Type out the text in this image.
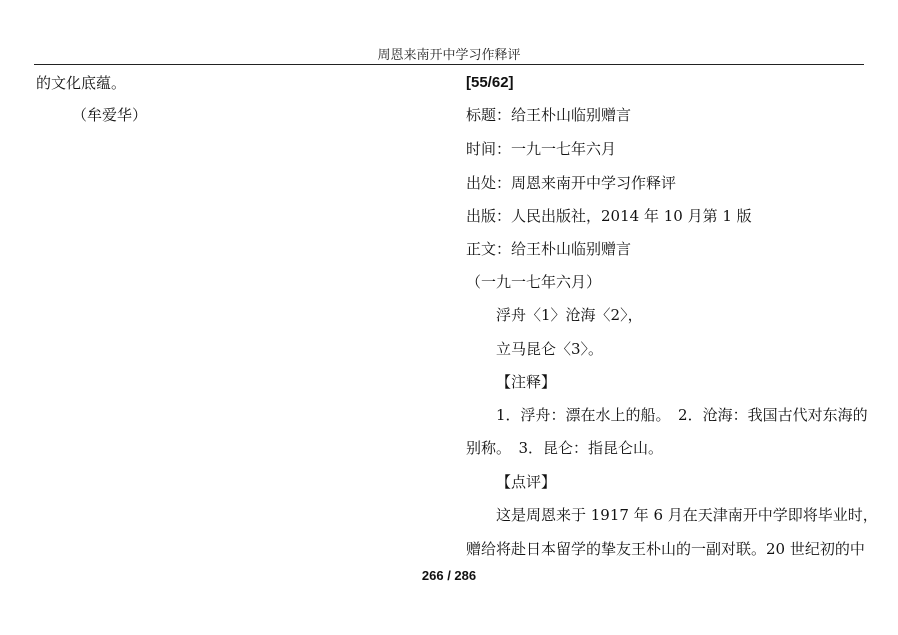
周恩来南开中学习作释评
的文化底蕴。
（牟爱华）
[55/62]
标题：给王朴山临别赠言
时间：一九一七年六月
出处：周恩来南开中学习作释评
出版：人民出版社，2014 年 10 月第 1 版
正文：给王朴山临别赠言
（一九一七年六月）
浮舟〈1〉沧海〈2〉，
立马昆仑〈3〉。
【注释】
1．浮舟：漂在水上的船。　2．沧海：我国古代对东海的
别称。　3．昆仑：指昆仑山。
【点评】
这是周恩来于 1917 年 6 月在天津南开中学即将毕业时，
赠给将赴日本留学的挚友王朴山的一副对联。20 世纪初的中
266 / 286
